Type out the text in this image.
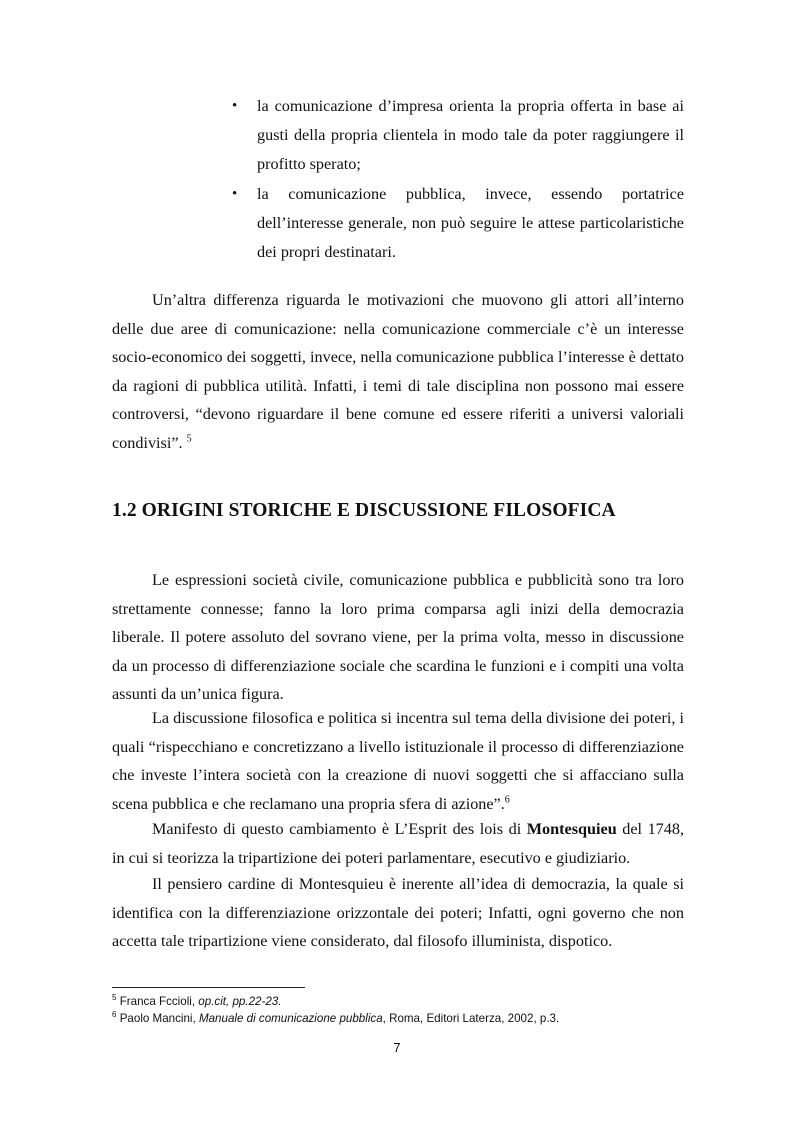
• la comunicazione d’impresa orienta la propria offerta in base ai gusti della propria clientela in modo tale da poter raggiungere il profitto sperato;
• la comunicazione pubblica, invece, essendo portatrice dell’interesse generale, non può seguire le attese particolaristiche dei propri destinatari.

Un’altra differenza riguarda le motivazioni che muovono gli attori all’interno delle due aree di comunicazione: nella comunicazione commerciale c’è un interesse socio-economico dei soggetti, invece, nella comunicazione pubblica l’interesse è dettato da ragioni di pubblica utilità. Infatti, i temi di tale disciplina non possono mai essere controversi, “devono riguardare il bene comune ed essere riferiti a universi valoriali condivisi”. $^5$

1.2 ORIGINI STORICHE E DISCUSSIONE FILOSOFICA

Le espressioni società civile, comunicazione pubblica e pubblicità sono tra loro strettamente connesse; fanno la loro prima comparsa agli inizi della democrazia liberale. Il potere assoluto del sovrano viene, per la prima volta, messo in discussione da un processo di differenziazione sociale che scardina le funzioni e i compiti una volta assunti da un’unica figura.

La discussione filosofica e politica si incentra sul tema della divisione dei poteri, i quali “rispecchiano e concretizzano a livello istituzionale il processo di differenziazione che investe l’intera società con la creazione di nuovi soggetti che si affacciano sulla scena pubblica e che reclamano una propria sfera di azione”.$^6$

Manifesto di questo cambiamento è L’Esprit des lois di Montesquieu del 1748, in cui si teorizza la tripartizione dei poteri parlamentare, esecutivo e giudiziario.

Il pensiero cardine di Montesquieu è inerente all’idea di democrazia, la quale si identifica con la differenziazione orizzontale dei poteri; Infatti, ogni governo che non accetta tale tripartizione viene considerato, dal filosofo illuminista, dispotico.

$^5$ Franca Fccioli, op.cit, pp.22-23.

$^6$ Paolo Mancini, Manuale di comunicazione pubblica, Roma, Editori Laterza, 2002, p.3.

7
